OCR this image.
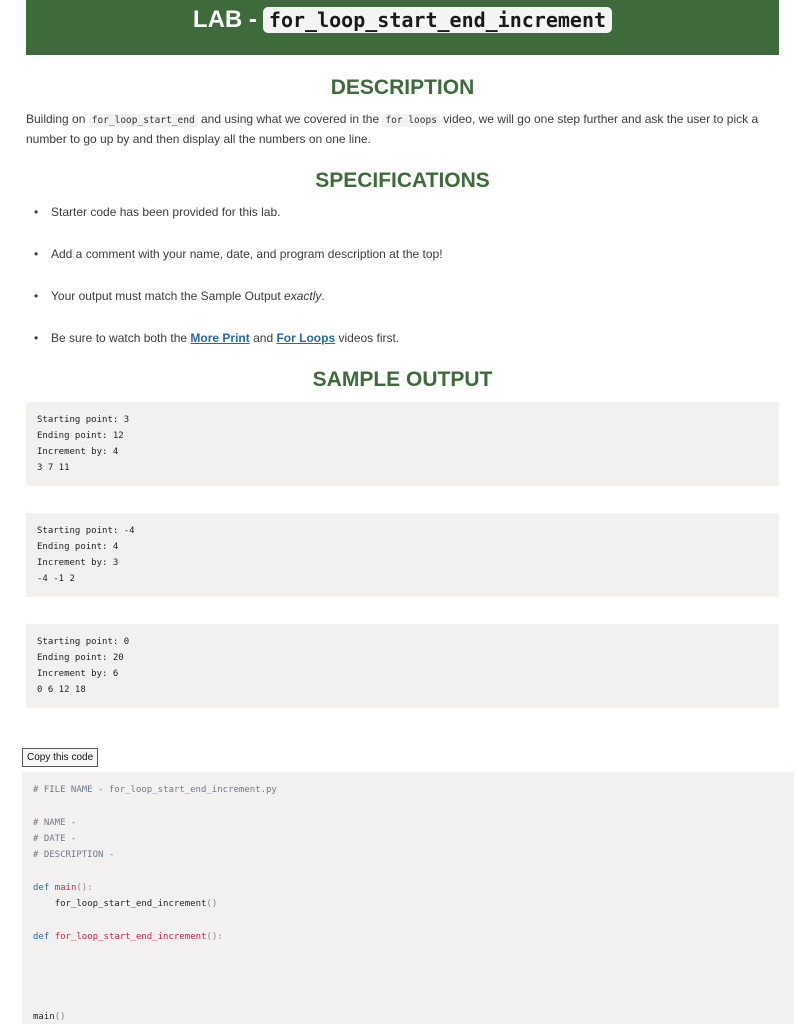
LAB - for_loop_start_end_increment
DESCRIPTION
Building on for_loop_start_end and using what we covered in the for loops video, we will go one step further and ask the user to pick a number to go up by and then display all the numbers on one line.
SPECIFICATIONS
• Starter code has been provided for this lab.
• Add a comment with your name, date, and program description at the top!
• Your output must match the Sample Output exactly.
• Be sure to watch both the More Print and For Loops videos first.
SAMPLE OUTPUT
Starting point: 3
Ending point: 12
Increment by: 4
3 7 11
Starting point: -4
Ending point: 4
Increment by: 3
-4 -1 2
Starting point: 0
Ending point: 20
Increment by: 6
0 6 12 18
Copy this code
# FILE NAME - for_loop_start_end_increment.py
# NAME -
# DATE -
# DESCRIPTION -
def main():
for_loop_start_end_increment()
def for_loop_start_end_increment():
main()
